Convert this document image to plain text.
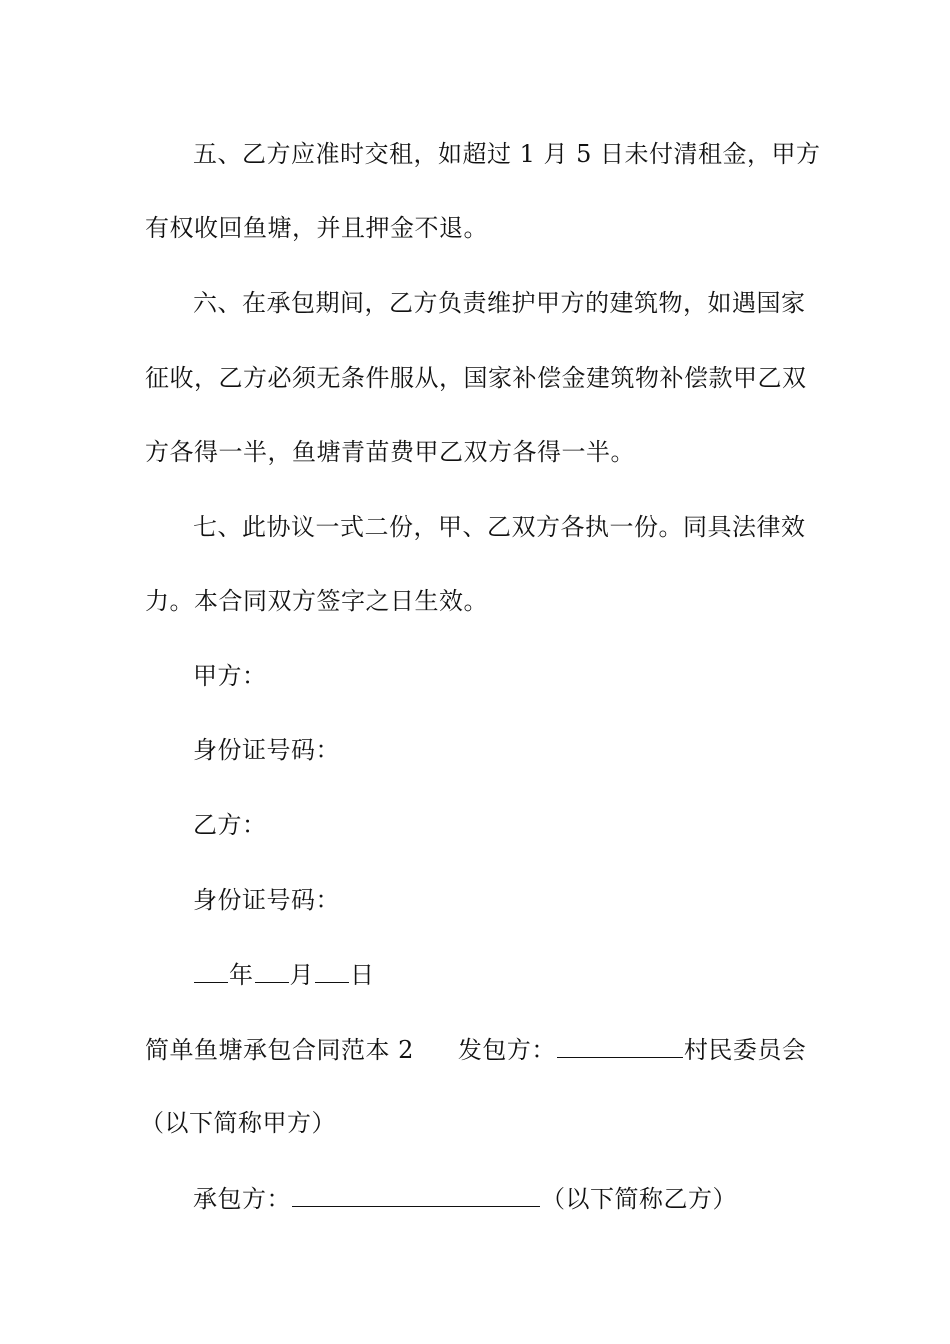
五、乙方应准时交租，如超过 1 月 5 日未付清租金，甲方
有权收回鱼塘，并且押金不退。
六、在承包期间，乙方负责维护甲方的建筑物，如遇国家
征收，乙方必须无条件服从，国家补偿金建筑物补偿款甲乙双
方各得一半，鱼塘青苗费甲乙双方各得一半。
七、此协议一式二份，甲、乙双方各执一份。同具法律效
力。本合同双方签字之日生效。
甲方：
身份证号码：
乙方：
身份证号码：
年 月 日
简单鱼塘承包合同范本 2 发包方：	村民委员会
（以下简称甲方）
承包方：	（以下简称乙方）
